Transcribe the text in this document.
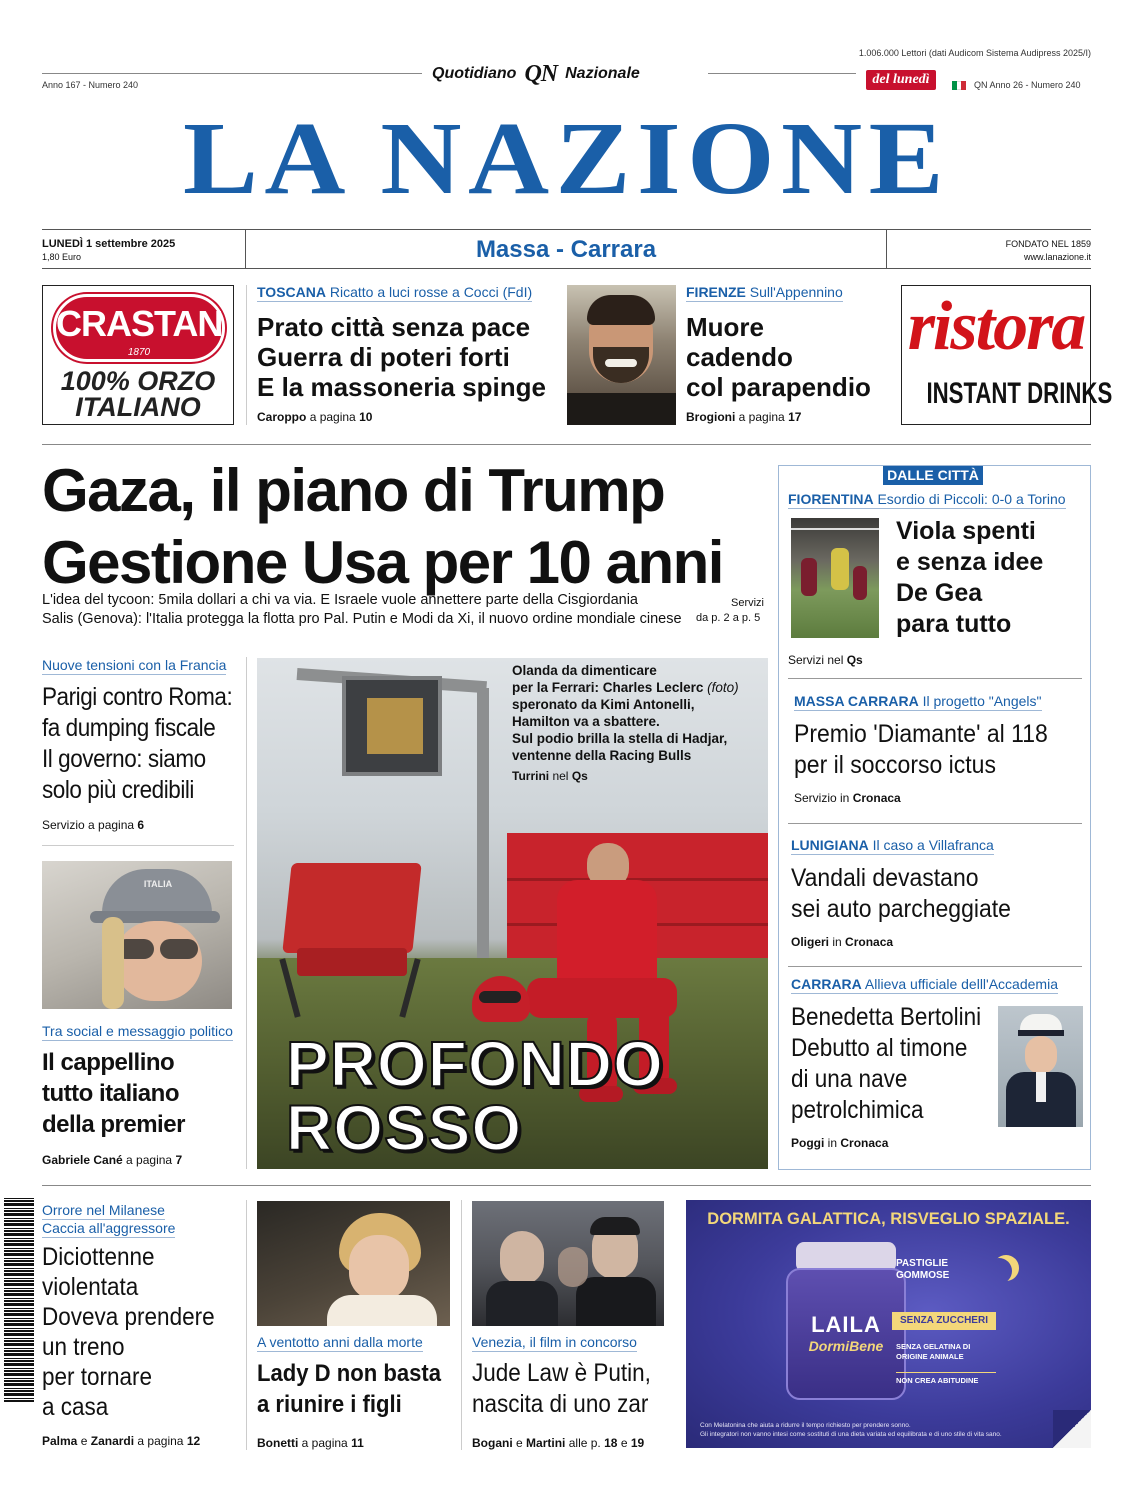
1.006.000 Lettori (dati Audicom Sistema Audipress 2025/I)
Anno 167 - Numero 240
Quotidiano QN Nazionale	del lunedì	QN Anno 26 - Numero 240
LA NAZIONE
LUNEDÌ 1 settembre 2025
1,80 Euro	Massa - Carrara	FONDATO NEL 1859
www.lanazione.it
CRASTAN
1870
100% ORZO
ITALIANO
TOSCANA Ricatto a luci rosse a Cocci (FdI)
Prato città senza pace
Guerra di poteri forti
E la massoneria spinge
Caroppo a pagina 10
FIRENZE Sull'Appennino
Muore
cadendo
col parapendio
Brogioni a pagina 17
ristora
INSTANT DRINKS
Gaza, il piano di Trump
Gestione Usa per 10 anni
L'idea del tycoon: 5mila dollari a chi va via. E Israele vuole annettere parte della Cisgiordania
Salis (Genova): l'Italia protegga la flotta pro Pal. Putin e Modi da Xi, il nuovo ordine mondiale cinese
Servizi
da p. 2 a p. 5
Nuove tensioni con la Francia
Parigi contro Roma:
fa dumping fiscale
Il governo: siamo
solo più credibili
Servizio a pagina 6
ITALIA
Tra social e messaggio politico
Il cappellino
tutto italiano
della premier
Gabriele Cané a pagina 7
Olanda da dimenticare
per la Ferrari: Charles Leclerc (foto)
speronato da Kimi Antonelli,
Hamilton va a sbattere.
Sul podio brilla la stella di Hadjar,
ventenne della Racing Bulls
Turrini nel Qs
PROFONDO
ROSSO
DALLE CITTÀ
FIORENTINA Esordio di Piccoli: 0-0 a Torino
Viola spenti
e senza idee
De Gea
para tutto
Servizi nel Qs
MASSA CARRARA Il progetto "Angels"
Premio 'Diamante' al 118
per il soccorso ictus
Servizio in Cronaca
LUNIGIANA Il caso a Villafranca
Vandali devastano
sei auto parcheggiate
Oligeri in Cronaca
CARRARA Allieva ufficiale delll'Accademia
Benedetta Bertolini
Debutto al timone
di una nave
petrolchimica
Poggi in Cronaca
Orrore nel Milanese
Caccia all'aggressore
Diciottenne
violentata
Doveva prendere
un treno
per tornare
a casa
Palma e Zanardi a pagina 12
A ventotto anni dalla morte
Lady D non basta
a riunire i figli
Bonetti a pagina 11
Venezia, il film in concorso
Jude Law è Putin,
nascita di uno zar
Bogani e Martini alle p. 18 e 19
DORMITA GALATTICA, RISVEGLIO SPAZIALE.
LAILA
DormiBene
PASTIGLIE GOMMOSE
SENZA ZUCCHERI
SENZA GELATINA DI ORIGINE ANIMALE
NON CREA ABITUDINE
Con Melatonina che aiuta a ridurre il tempo richiesto per prendere sonno.
Gli integratori non vanno intesi come sostituti di una dieta variata ed equilibrata e di uno stile di vita sano.
